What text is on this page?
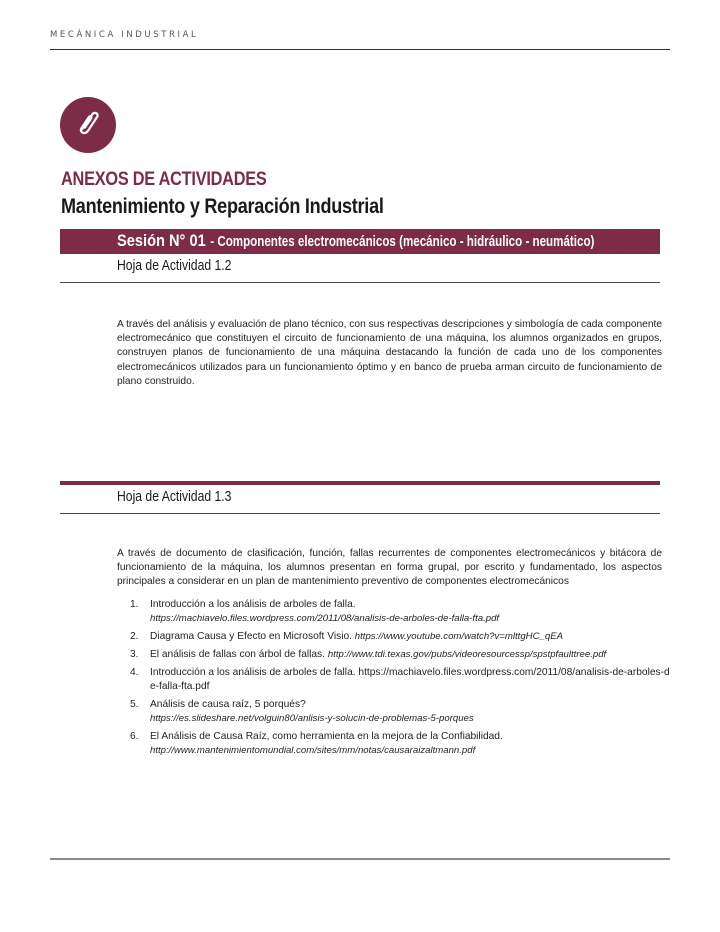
MECÁNICA INDUSTRIAL
ANEXOS DE ACTIVIDADES
Mantenimiento y Reparación Industrial
Sesión N° 01 - Componentes electromecánicos (mecánico - hidráulico - neumático)
Hoja de Actividad 1.2
A través del análisis y evaluación de plano técnico, con sus respectivas descripciones y simbología de cada componente electromecánico que constituyen el circuito de funcionamiento de una máquina, los alumnos organizados en grupos, construyen planos de funcionamiento de una máquina destacando la función de cada uno de los componentes electromecánicos utilizados para un funcionamiento óptimo y en banco de prueba arman circuito de funcionamiento de plano construido.
Hoja de Actividad 1.3
A través de documento de clasificación, función, fallas recurrentes de componentes electromecánicos y bitácora de funcionamiento de la máquina, los alumnos presentan en forma grupal, por escrito y fundamentado, los aspectos principales a considerar en un plan de mantenimiento preventivo de componentes electromecánicos
1.	Introducción a los análisis de arboles de falla.
https://machiavelo.files.wordpress.com/2011/08/analisis-de-arboles-de-falla-fta.pdf
2.	Diagrama Causa y Efecto en Microsoft Visio. https://www.youtube.com/watch?v=mlttgHC_qEA
3.	El análisis de fallas con árbol de fallas. http://www.tdi.texas.gov/pubs/videoresourcessp/spstpfaulttree.pdf
4.	Introducción a los análisis de arboles de falla. https://machiavelo.files.wordpress.com/2011/08/analisis-de-arboles-de-falla-fta.pdf
5.	Análisis de causa raíz, 5 porqués?
https://es.slideshare.net/volguin80/anlisis-y-solucin-de-problemas-5-porques
6.	El Análisis de Causa Raíz, como herramienta en la mejora de la Confiabilidad.
http://www.mantenimientomundial.com/sites/mm/notas/causaraizaltmann.pdf
